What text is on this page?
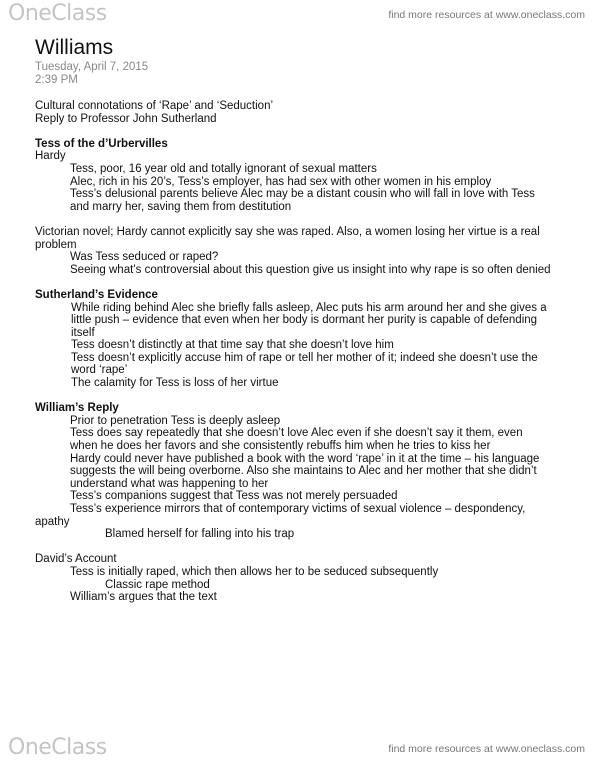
OneClass	find more resources at www.oneclass.com
Williams
Tuesday, April 7, 2015
2:39 PM

Cultural connotations of ‘Rape’ and ‘Seduction’

Reply to Professor John Sutherland

Tess of the d’Urbervilles

Hardy

Tess, poor, 16 year old and totally ignorant of sexual matters

Alec, rich in his 20’s, Tess’s employer, has had sex with other women in his employ

Tess’s delusional parents believe Alec may be a distant cousin who will fall in love with Tess

and marry her, saving them from destitution

Victorian novel; Hardy cannot explicitly say she was raped. Also, a women losing her virtue is a real

problem

Was Tess seduced or raped?

Seeing what’s controversial about this question give us insight into why rape is so often denied

Sutherland’s Evidence

While riding behind Alec she briefly falls asleep, Alec puts his arm around her and she gives a

little push – evidence that even when her body is dormant her purity is capable of defending

itself

Tess doesn’t distinctly at that time say that she doesn’t love him

Tess doesn’t explicitly accuse him of rape or tell her mother of it; indeed she doesn’t use the

word ‘rape’

The calamity for Tess is loss of her virtue

William’s Reply

Prior to penetration Tess is deeply asleep

Tess does say repeatedly that she doesn’t love Alec even if she doesn’t say it them, even

when he does her favors and she consistently rebuffs him when he tries to kiss her

Hardy could never have published a book with the word ‘rape’ in it at the time – his language

suggests the will being overborne. Also she maintains to Alec and her mother that she didn’t

understand what was happening to her

Tess’s companions suggest that Tess was not merely persuaded

Tess’s experience mirrors that of contemporary victims of sexual violence – despondency,

apathy

Blamed herself for falling into his trap

David’s Account

Tess is initially raped, which then allows her to be seduced subsequently

Classic rape method

William’s argues that the text

OneClass	find more resources at www.oneclass.com
